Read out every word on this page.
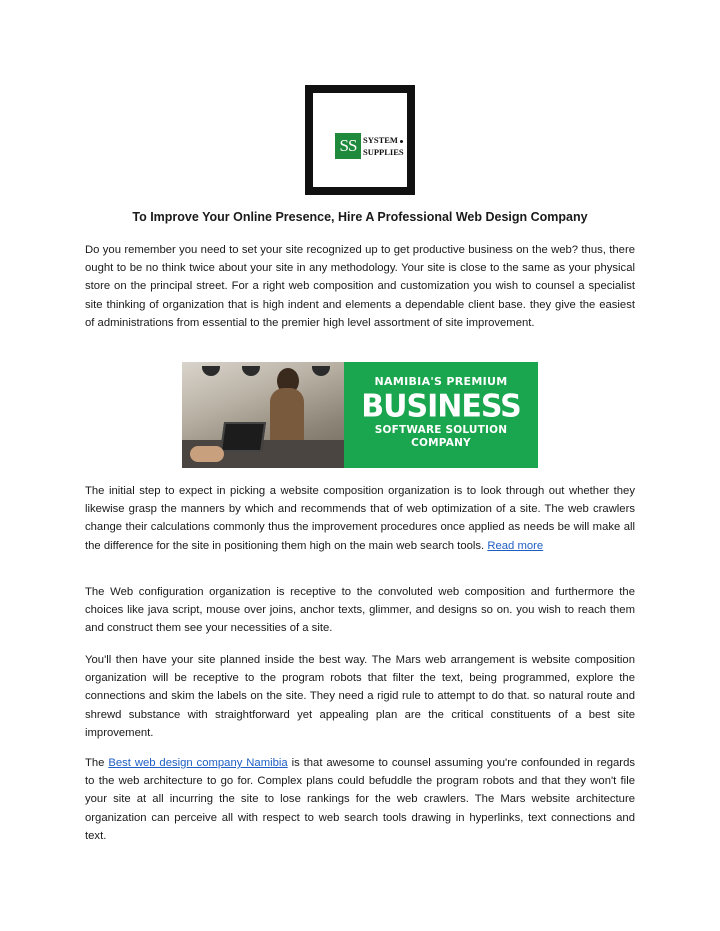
SS SYSTEM
SUPPLIES
To Improve Your Online Presence, Hire A Professional Web Design Company

Do you remember you need to set your site recognized up to get productive business on the web? thus, there ought to be no think twice about your site in any methodology. Your site is close to the same as your physical store on the principal street. For a right web composition and customization you wish to counsel a specialist site thinking of organization that is high indent and elements a dependable client base. they give the easiest of administrations from essential to the premier high level assortment of site improvement.

NAMIBIA'S PREMIUM
BUSINESS
SOFTWARE SOLUTION
COMPANY

The initial step to expect in picking a website composition organization is to look through out whether they likewise grasp the manners by which and recommends that of web optimization of a site. The web crawlers change their calculations commonly thus the improvement procedures once applied as needs be will make all the difference for the site in positioning them high on the main web search tools. Read more

The Web configuration organization is receptive to the convoluted web composition and furthermore the choices like java script, mouse over joins, anchor texts, glimmer, and designs so on. you wish to reach them and construct them see your necessities of a site.

You'll then have your site planned inside the best way. The Mars web arrangement is website composition organization will be receptive to the program robots that filter the text, being programmed, explore the connections and skim the labels on the site. They need a rigid rule to attempt to do that. so natural route and shrewd substance with straightforward yet appealing plan are the critical constituents of a best site improvement.

The Best web design company Namibia is that awesome to counsel assuming you're confounded in regards to the web architecture to go for. Complex plans could befuddle the program robots and that they won't file your site at all incurring the site to lose rankings for the web crawlers. The Mars website architecture organization can perceive all with respect to web search tools drawing in hyperlinks, text connections and text.
